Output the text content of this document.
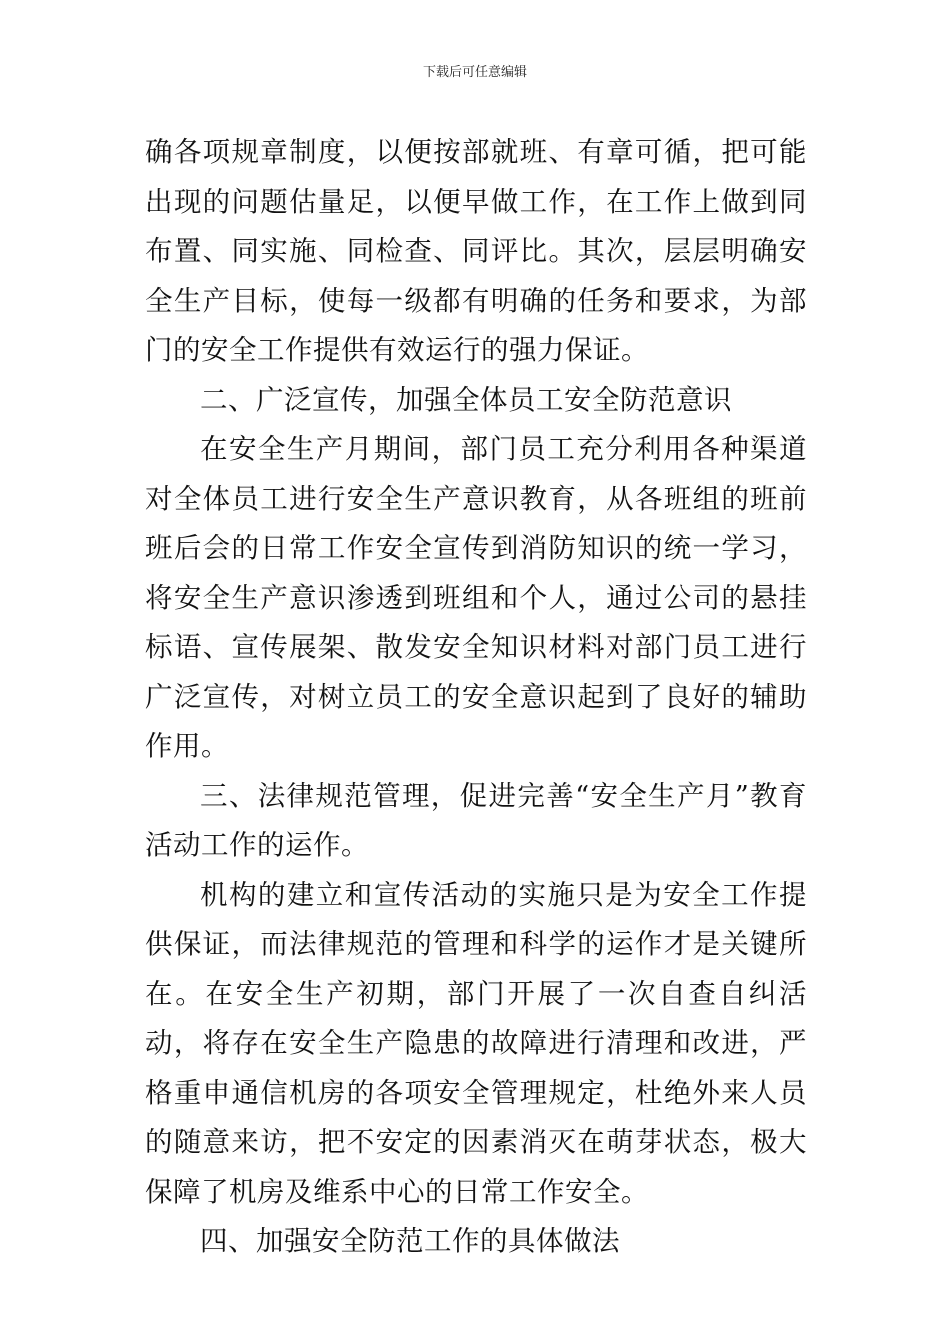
下载后可任意编辑

确各项规章制度，以便按部就班、有章可循，把可能出现的问题估量足，以便早做工作，在工作上做到同布置、同实施、同检查、同评比。其次，层层明确安全生产目标，使每一级都有明确的任务和要求，为部门的安全工作提供有效运行的强力保证。

二、广泛宣传，加强全体员工安全防范意识

在安全生产月期间，部门员工充分利用各种渠道对全体员工进行安全生产意识教育，从各班组的班前班后会的日常工作安全宣传到消防知识的统一学习，将安全生产意识渗透到班组和个人，通过公司的悬挂标语、宣传展架、散发安全知识材料对部门员工进行广泛宣传，对树立员工的安全意识起到了良好的辅助作用。

三、法律规范管理，促进完善“安全生产月”教育活动工作的运作。

机构的建立和宣传活动的实施只是为安全工作提供保证，而法律规范的管理和科学的运作才是关键所在。在安全生产初期，部门开展了一次自查自纠活动，将存在安全生产隐患的故障进行清理和改进，严格重申通信机房的各项安全管理规定，杜绝外来人员的随意来访，把不安定的因素消灭在萌芽状态，极大保障了机房及维系中心的日常工作安全。

四、加强安全防范工作的具体做法
